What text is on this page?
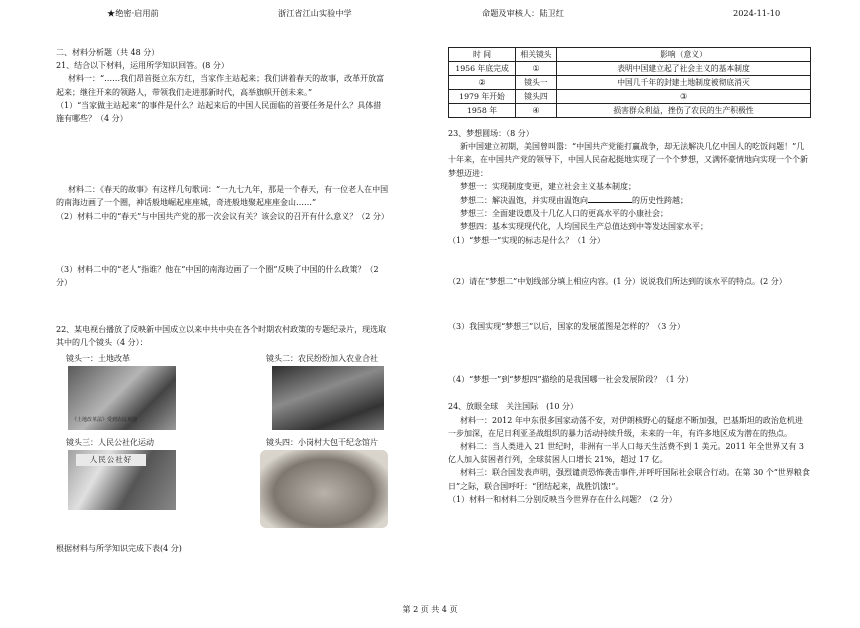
★绝密·启用前	浙江省江山实验中学	命题及审核人：陆卫红	2024-11-10

二、材料分析题（共 48 分）

21、结合以下材料，运用所学知识回答。(8 分）

材料一：“……我们昂首挺立东方红，当家作主站起来；我们讲着春天的故事，改革开放富起来；继往开来的领路人，带领我们走进那新时代，高举旗帜开创未来。”

（1）“当家做主站起来”的事件是什么？站起来后的中国人民面临的首要任务是什么？具体措施有哪些？（4 分）

材料二：《春天的故事》有这样几句歌词：“一九七九年，那是一个春天，有一位老人在中国的南海边画了一个圈，神话般地崛起座座城，奇迹般地聚起座座金山……”

（2）材料二中的“春天”与中国共产党的那一次会议有关？该会议的召开有什么意义？（2 分）

（3）材料二中的“老人”指谁？他在“中国的南海边画了一个圈”反映了中国的什么政策？（2 分）

22、某电视台播放了反映新中国成立以来中共中央在各个时期农村政策的专题纪录片，现选取其中的几个镜头（4 分）：

镜头一：土地改革
《土地改革法》受到农民欢迎
镜头二：农民纷纷加入农业合社
镜头三：人民公社化运动
人民公社好
镜头四：小岗村大包干纪念馆片

根据材料与所学知识完成下表(4 分)

时 间	相关镜头	影响（意义）
1956 年底完成	①	表明中国建立起了社会主义的基本制度
②	镜头一	中国几千年的封建土地制度被彻底消灭
1979 年开始	镜头四	③
1958 年	④	损害群众利益，挫伤了农民的生产积极性

23、梦想圆场：（8 分）

新中国建立初期，美国曾叫嚣：“中国共产党能打赢战争，却无法解决几亿中国人的吃饭问题！”几十年来，在中国共产党的领导下，中国人民奋起挺地实现了一个个梦想，又满怀豪情地向实现一个个新梦想迈进：

梦想一：实现制度变更，建立社会主义基本制度；

梦想二：解决温饱，并实现由温饱向	的历史性跨越；

梦想三：全面建设惠及十几亿人口的更高水平的小康社会；

梦想四：基本实现现代化，人均国民生产总值达到中等发达国家水平；

（1）“梦想一”实现的标志是什么？（1 分）

（2）请在“梦想二”中划线部分填上相应内容。(1 分）说说我们所达到的该水平的特点。(2 分）

（3）我国实现“梦想三”以后，国家的发展蓝图是怎样的？（3 分）

（4）“梦想一”到“梦想四”描绘的是我国哪一社会发展阶段？（1 分）

24、放眼全球　关注国际　(10 分）

材料一：2012 年中东很多国家动荡不安，对伊朗核野心的疑虑不断加强，巴基斯坦的政治危机进一步加深，在尼日利亚圣战组织的暴力活动持续升级，未来的一年，有许多地区成为潜在的热点。

材料二：当人类进入 21 世纪时，非洲有一半人口每天生活费不到 1 美元。2011 年全世界又有 3 亿人加入贫困者行列，全球贫困人口增长 21%，超过 17 亿。

材料三：联合国发表声明，强烈谴责恐怖袭击事件,并呼吁国际社会联合行动。在第 30 个“世界粮食日”之际，联合国呼吁：“团结起来，战胜饥饿!”。

（1）材料一和材料二分别反映当今世界存在什么问题？（2 分）

第 2 页 共 4 页
